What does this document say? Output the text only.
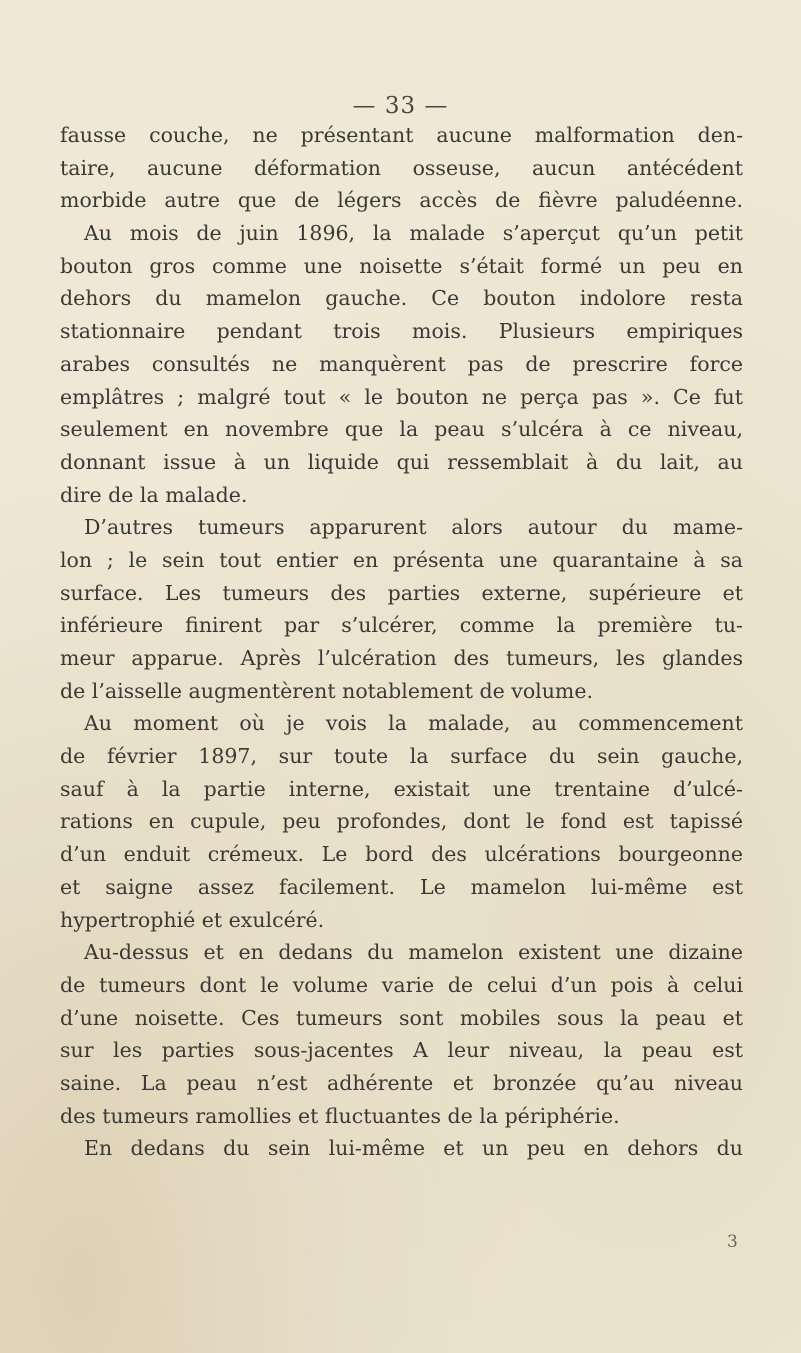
— 33 —
fausse couche, ne présentant aucune malformation den-
taire, aucune déformation osseuse, aucun antécédent
morbide autre que de légers accès de fièvre paludéenne.
Au mois de juin 1896, la malade s’aperçut qu’un petit
bouton gros comme une noisette s’était formé un peu en
dehors du mamelon gauche. Ce bouton indolore resta
stationnaire pendant trois mois. Plusieurs empiriques
arabes consultés ne manquèrent pas de prescrire force
emplâtres ; malgré tout « le bouton ne perça pas ». Ce fut
seulement en novembre que la peau s’ulcéra à ce niveau,
donnant issue à un liquide qui ressemblait à du lait, au
dire de la malade.
D’autres tumeurs apparurent alors autour du mame-
lon ; le sein tout entier en présenta une quarantaine à sa
surface. Les tumeurs des parties externe, supérieure et
inférieure finirent par s’ulcérer, comme la première tu-
meur apparue. Après l’ulcération des tumeurs, les glandes
de l’aisselle augmentèrent notablement de volume.
Au moment où je vois la malade, au commencement
de février 1897, sur toute la surface du sein gauche,
sauf à la partie interne, existait une trentaine d’ulcé-
rations en cupule, peu profondes, dont le fond est tapissé
d’un enduit crémeux. Le bord des ulcérations bourgeonne
et saigne assez facilement. Le mamelon lui-même est
hypertrophié et exulcéré.
Au-dessus et en dedans du mamelon existent une dizaine
de tumeurs dont le volume varie de celui d’un pois à celui
d’une noisette. Ces tumeurs sont mobiles sous la peau et
sur les parties sous-jacentes A leur niveau, la peau est
saine. La peau n’est adhérente et bronzée qu’au niveau
des tumeurs ramollies et fluctuantes de la périphérie.
En dedans du sein lui-même et un peu en dehors du
3
